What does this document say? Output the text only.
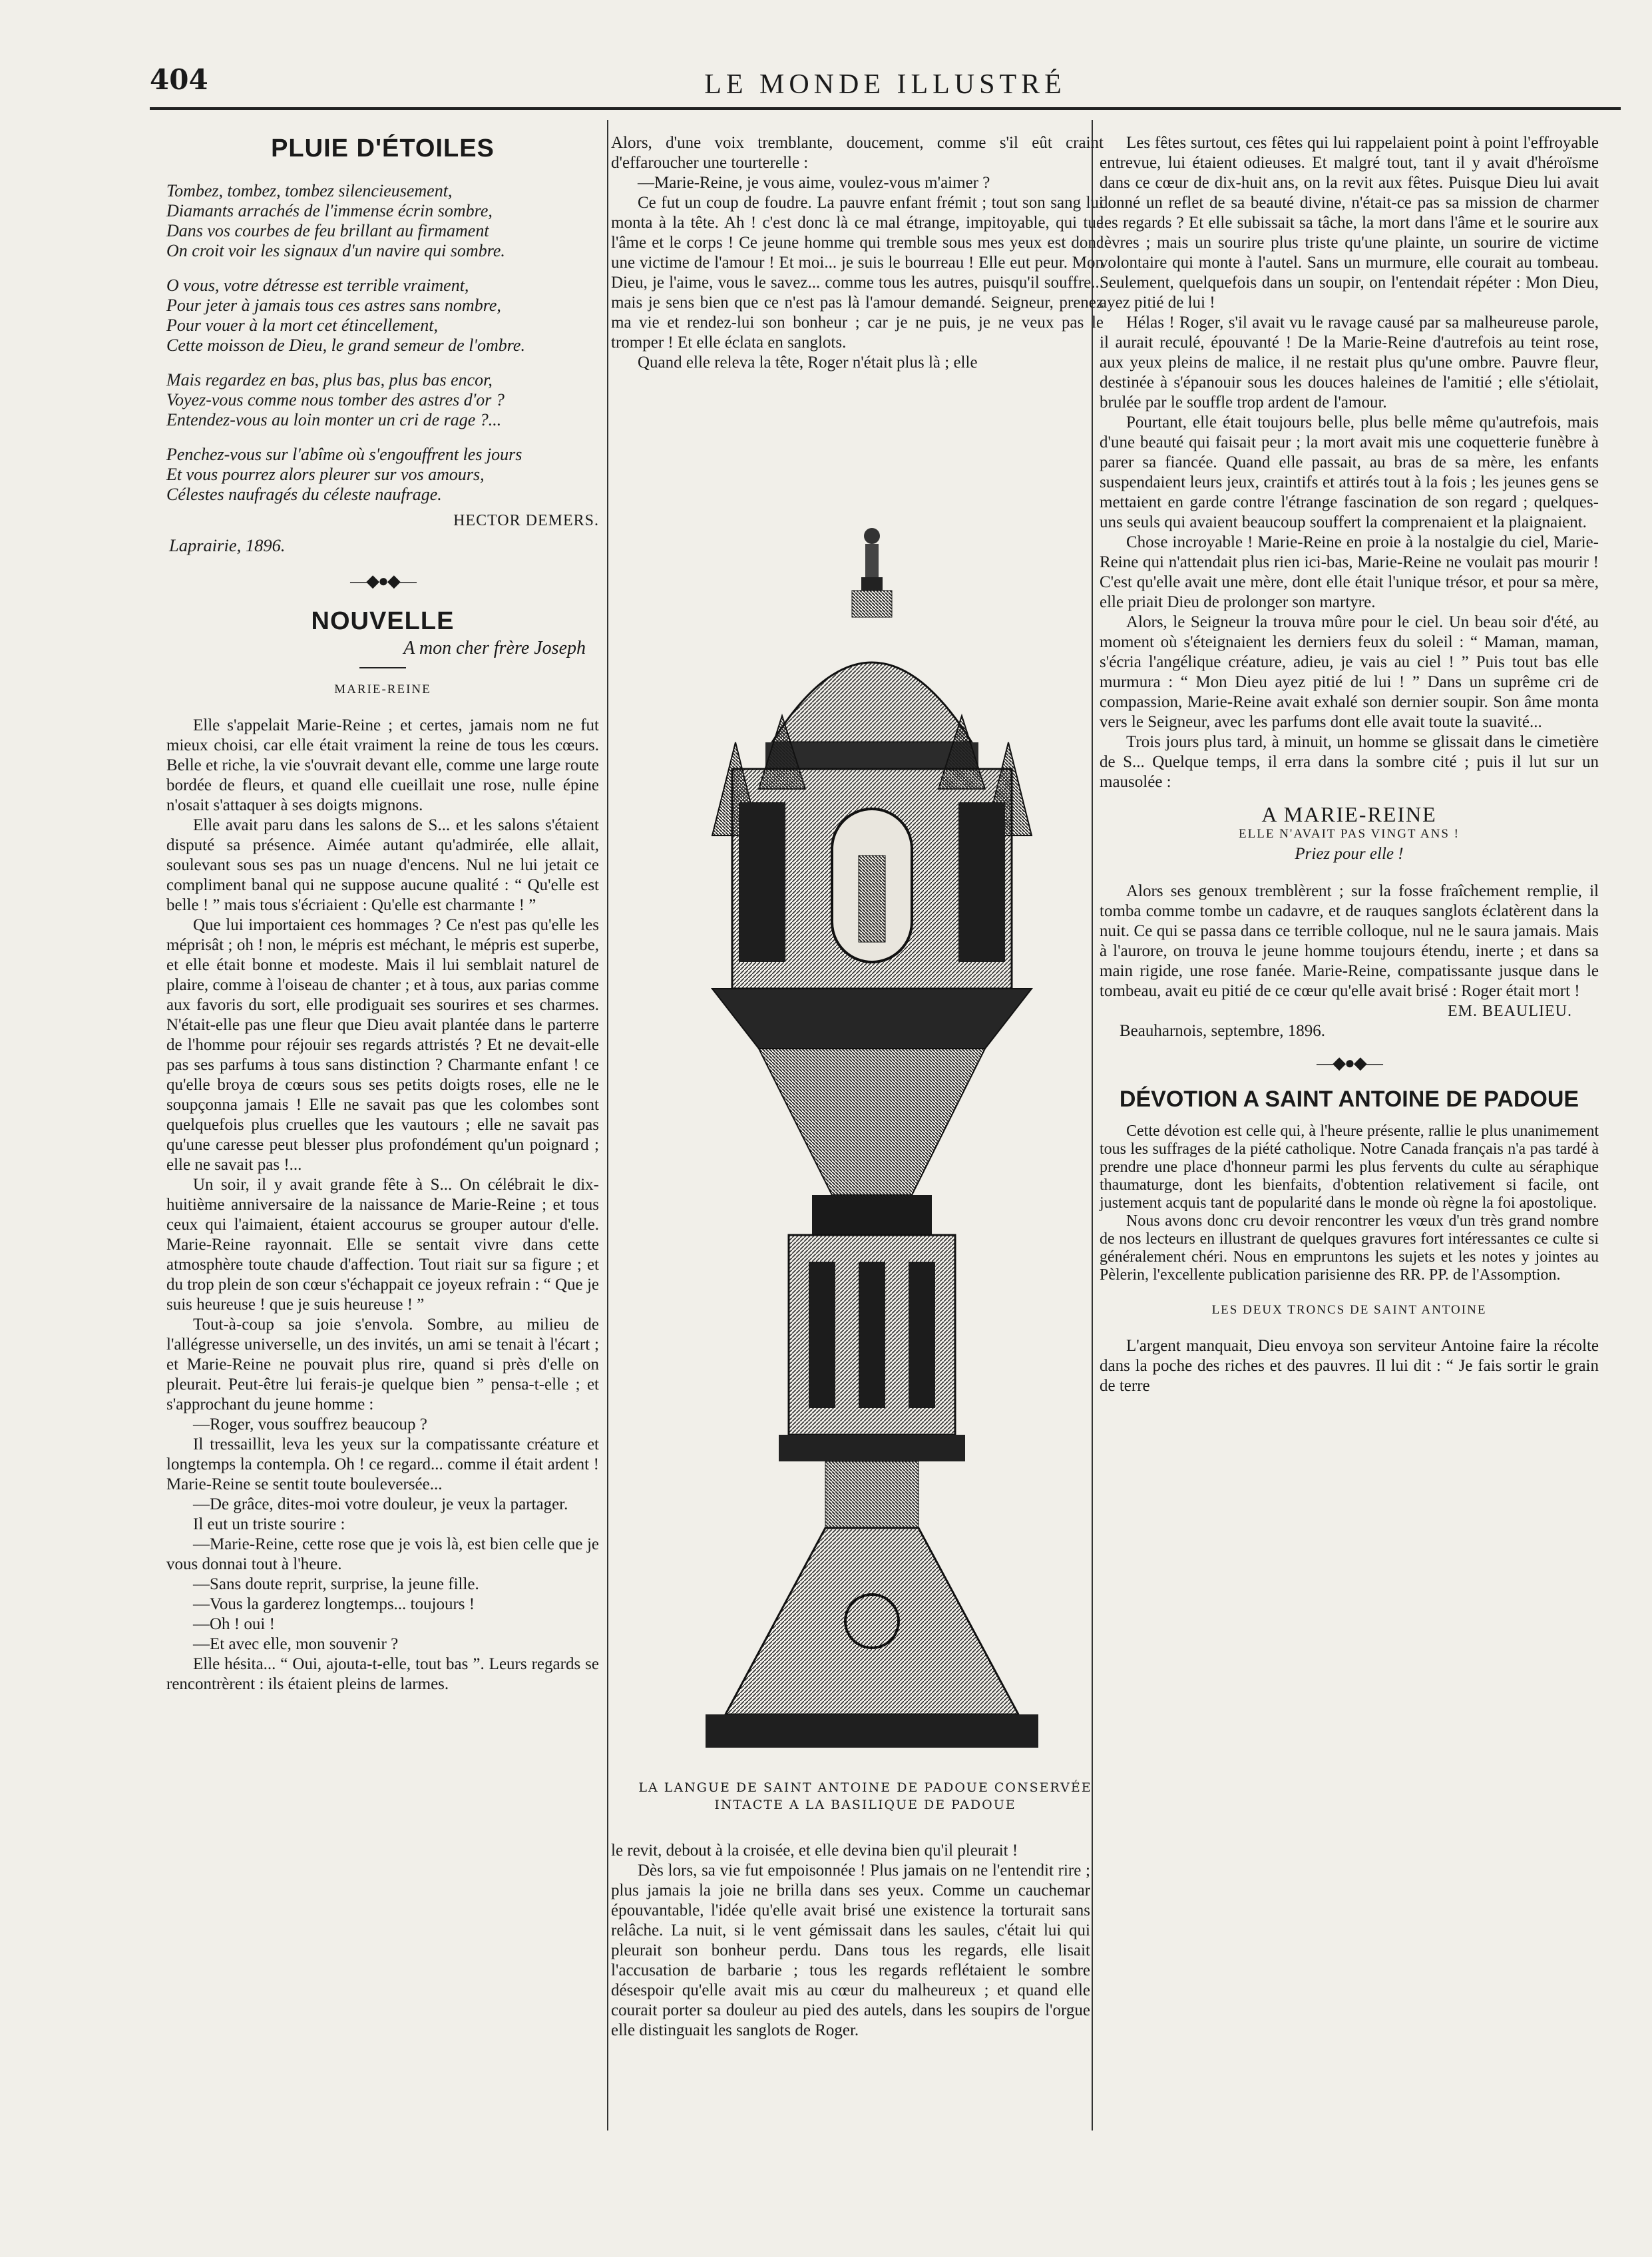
404	LE MONDE ILLUSTRÉ
PLUIE D'ÉTOILES
Tombez, tombez, tombez silencieusement,
Diamants arrachés de l'immense écrin sombre,
Dans vos courbes de feu brillant au firmament
On croit voir les signaux d'un navire qui sombre.
O vous, votre détresse est terrible vraiment,
Pour jeter à jamais tous ces astres sans nombre,
Pour vouer à la mort cet étincellement,
Cette moisson de Dieu, le grand semeur de l'ombre.
Mais regardez en bas, plus bas, plus bas encor,
Voyez-vous comme nous tomber des astres d'or ?
Entendez-vous au loin monter un cri de rage ?...
Penchez-vous sur l'abîme où s'engouffrent les jours
Et vous pourrez alors pleurer sur vos amours,
Célestes naufragés du céleste naufrage.
HECTOR DEMERS.
Laprairie, 1896.
—◆●◆—
NOUVELLE
A mon cher frère Joseph
MARIE-REINE

Elle s'appelait Marie-Reine ; et certes, jamais nom ne fut mieux choisi, car elle était vraiment la reine de tous les cœurs. Belle et riche, la vie s'ouvrait devant elle, comme une large route bordée de fleurs, et quand elle cueillait une rose, nulle épine n'osait s'attaquer à ses doigts mignons.

Elle avait paru dans les salons de S... et les salons s'étaient disputé sa présence. Aimée autant qu'admirée, elle allait, soulevant sous ses pas un nuage d'encens. Nul ne lui jetait ce compliment banal qui ne suppose aucune qualité : “ Qu'elle est belle ! ” mais tous s'écriaient : Qu'elle est charmante ! ”

Que lui importaient ces hommages ? Ce n'est pas qu'elle les méprisât ; oh ! non, le mépris est méchant, le mépris est superbe, et elle était bonne et modeste. Mais il lui semblait naturel de plaire, comme à l'oiseau de chanter ; et à tous, aux parias comme aux favoris du sort, elle prodiguait ses sourires et ses charmes. N'était-elle pas une fleur que Dieu avait plantée dans le parterre de l'homme pour réjouir ses regards attristés ? Et ne devait-elle pas ses parfums à tous sans distinction ? Charmante enfant ! ce qu'elle broya de cœurs sous ses petits doigts roses, elle ne le soupçonna jamais ! Elle ne savait pas que les colombes sont quelquefois plus cruelles que les vautours ; elle ne savait pas qu'une caresse peut blesser plus profondément qu'un poignard ; elle ne savait pas !...

Un soir, il y avait grande fête à S... On célébrait le dix-huitième anniversaire de la naissance de Marie-Reine ; et tous ceux qui l'aimaient, étaient accourus se grouper autour d'elle. Marie-Reine rayonnait. Elle se sentait vivre dans cette atmosphère toute chaude d'affection. Tout riait sur sa figure ; et du trop plein de son cœur s'échappait ce joyeux refrain : “ Que je suis heureuse ! que je suis heureuse ! ”

Tout-à-coup sa joie s'envola. Sombre, au milieu de l'allégresse universelle, un des invités, un ami se tenait à l'écart ; et Marie-Reine ne pouvait plus rire, quand si près d'elle on pleurait. Peut-être lui ferais-je quelque bien ” pensa-t-elle ; et s'approchant du jeune homme :

—Roger, vous souffrez beaucoup ?

Il tressaillit, leva les yeux sur la compatissante créature et longtemps la contempla. Oh ! ce regard... comme il était ardent ! Marie-Reine se sentit toute bouleversée...

—De grâce, dites-moi votre douleur, je veux la partager.

Il eut un triste sourire :

—Marie-Reine, cette rose que je vois là, est bien celle que je vous donnai tout à l'heure.

—Sans doute reprit, surprise, la jeune fille.

—Vous la garderez longtemps... toujours !

—Oh ! oui !

—Et avec elle, mon souvenir ?

Elle hésita... “ Oui, ajouta-t-elle, tout bas ”. Leurs regards se rencontrèrent : ils étaient pleins de larmes.

Alors, d'une voix tremblante, doucement, comme s'il eût craint d'effaroucher une tourterelle :

—Marie-Reine, je vous aime, voulez-vous m'aimer ?

Ce fut un coup de foudre. La pauvre enfant frémit ; tout son sang lui monta à la tête. Ah ! c'est donc là ce mal étrange, impitoyable, qui tue l'âme et le corps ! Ce jeune homme qui tremble sous mes yeux est donc une victime de l'amour ! Et moi... je suis le bourreau ! Elle eut peur. Mon Dieu, je l'aime, vous le savez... comme tous les autres, puisqu'il souffre... mais je sens bien que ce n'est pas là l'amour demandé. Seigneur, prenez ma vie et rendez-lui son bonheur ; car je ne puis, je ne veux pas le tromper ! Et elle éclata en sanglots.

Quand elle releva la tête, Roger n'était plus là ; elle

LA LANGUE DE SAINT ANTOINE DE PADOUE CONSERVÉE INTACTE A LA BASILIQUE DE PADOUE

le revit, debout à la croisée, et elle devina bien qu'il pleurait !

Dès lors, sa vie fut empoisonnée ! Plus jamais on ne l'entendit rire ; plus jamais la joie ne brilla dans ses yeux. Comme un cauchemar épouvantable, l'idée qu'elle avait brisé une existence la torturait sans relâche. La nuit, si le vent gémissait dans les saules, c'était lui qui pleurait son bonheur perdu. Dans tous les regards, elle lisait l'accusation de barbarie ; tous les regards reflétaient le sombre désespoir qu'elle avait mis au cœur du malheureux ; et quand elle courait porter sa douleur au pied des autels, dans les soupirs de l'orgue elle distinguait les sanglots de Roger.

Les fêtes surtout, ces fêtes qui lui rappelaient point à point l'effroyable entrevue, lui étaient odieuses. Et malgré tout, tant il y avait d'héroïsme dans ce cœur de dix-huit ans, on la revit aux fêtes. Puisque Dieu lui avait donné un reflet de sa beauté divine, n'était-ce pas sa mission de charmer les regards ? Et elle subissait sa tâche, la mort dans l'âme et le sourire aux lèvres ; mais un sourire plus triste qu'une plainte, un sourire de victime volontaire qui monte à l'autel. Sans un murmure, elle courait au tombeau. Seulement, quelquefois dans un soupir, on l'entendait répéter : Mon Dieu, ayez pitié de lui !

Hélas ! Roger, s'il avait vu le ravage causé par sa malheureuse parole, il aurait reculé, épouvanté ! De la Marie-Reine d'autrefois au teint rose, aux yeux pleins de malice, il ne restait plus qu'une ombre. Pauvre fleur, destinée à s'épanouir sous les douces haleines de l'amitié ; elle s'étiolait, brulée par le souffle trop ardent de l'amour.

Pourtant, elle était toujours belle, plus belle même qu'autrefois, mais d'une beauté qui faisait peur ; la mort avait mis une coquetterie funèbre à parer sa fiancée. Quand elle passait, au bras de sa mère, les enfants suspendaient leurs jeux, craintifs et attirés tout à la fois ; les jeunes gens se mettaient en garde contre l'étrange fascination de son regard ; quelques-uns seuls qui avaient beaucoup souffert la comprenaient et la plaignaient.

Chose incroyable ! Marie-Reine en proie à la nostalgie du ciel, Marie-Reine qui n'attendait plus rien ici-bas, Marie-Reine ne voulait pas mourir ! C'est qu'elle avait une mère, dont elle était l'unique trésor, et pour sa mère, elle priait Dieu de prolonger son martyre.

Alors, le Seigneur la trouva mûre pour le ciel. Un beau soir d'été, au moment où s'éteignaient les derniers feux du soleil : “ Maman, maman, s'écria l'angélique créature, adieu, je vais au ciel ! ” Puis tout bas elle murmura : “ Mon Dieu ayez pitié de lui ! ” Dans un suprême cri de compassion, Marie-Reine avait exhalé son dernier soupir. Son âme monta vers le Seigneur, avec les parfums dont elle avait toute la suavité...

Trois jours plus tard, à minuit, un homme se glissait dans le cimetière de S... Quelque temps, il erra dans la sombre cité ; puis il lut sur un mausolée :

A MARIE-REINE
ELLE N'AVAIT PAS VINGT ANS !
Priez pour elle !

Alors ses genoux tremblèrent ; sur la fosse fraîchement remplie, il tomba comme tombe un cadavre, et de rauques sanglots éclatèrent dans la nuit. Ce qui se passa dans ce terrible colloque, nul ne le saura jamais. Mais à l'aurore, on trouva le jeune homme toujours étendu, inerte ; et dans sa main rigide, une rose fanée. Marie-Reine, compatissante jusque dans le tombeau, avait eu pitié de ce cœur qu'elle avait brisé : Roger était mort !

EM. BEAULIEU.
Beauharnois, septembre, 1896.
—◆●◆—
DÉVOTION A SAINT ANTOINE DE PADOUE

Cette dévotion est celle qui, à l'heure présente, rallie le plus unanimement tous les suffrages de la piété catholique. Notre Canada français n'a pas tardé à prendre une place d'honneur parmi les plus fervents du culte au séraphique thaumaturge, dont les bienfaits, d'obtention relativement si facile, ont justement acquis tant de popularité dans le monde où règne la foi apostolique.

Nous avons donc cru devoir rencontrer les vœux d'un très grand nombre de nos lecteurs en illustrant de quelques gravures fort intéressantes ce culte si généralement chéri. Nous en empruntons les sujets et les notes y jointes au Pèlerin, l'excellente publication parisienne des RR. PP. de l'Assomption.

LES DEUX TRONCS DE SAINT ANTOINE

L'argent manquait, Dieu envoya son serviteur Antoine faire la récolte dans la poche des riches et des pauvres. Il lui dit : “ Je fais sortir le grain de terre
